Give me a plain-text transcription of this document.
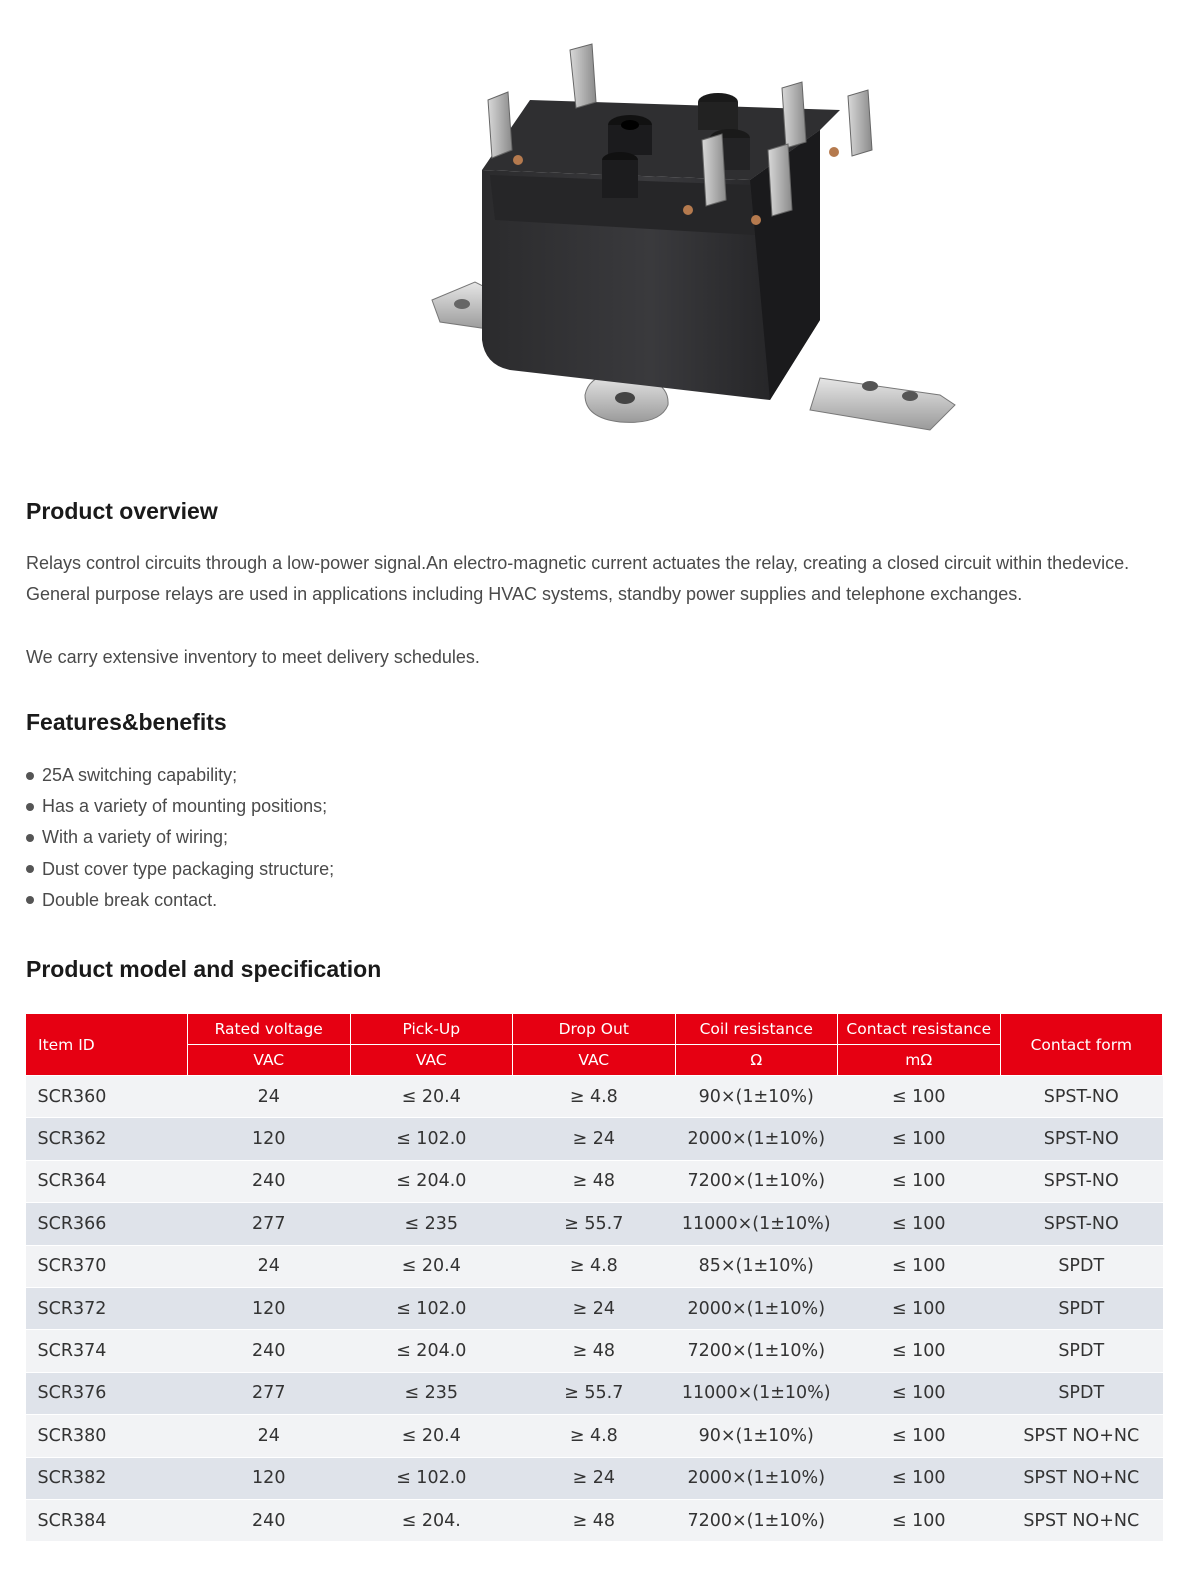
Product overview

Relays control circuits through a low-power signal.An electro-magnetic current actuates the relay, creating a closed circuit within thedevice. General purpose relays are used in applications including HVAC systems, standby power supplies and telephone exchanges.

We carry extensive inventory to meet delivery schedules.

Features&benefits
25A switching capability;
Has a variety of mounting positions;
With a variety of wiring;
Dust cover type packaging structure;
Double break contact.
Product model and specification
Item ID	Rated voltage	Pick-Up	Drop Out	Coil resistance	Contact resistance	Contact form
	VAC	VAC	VAC	Ω	mΩ	
SCR360	24	≤ 20.4	≥ 4.8	90×(1±10%)	≤ 100	SPST-NO
SCR362	120	≤ 102.0	≥ 24	2000×(1±10%)	≤ 100	SPST-NO
SCR364	240	≤ 204.0	≥ 48	7200×(1±10%)	≤ 100	SPST-NO
SCR366	277	≤ 235	≥ 55.7	11000×(1±10%)	≤ 100	SPST-NO
SCR370	24	≤ 20.4	≥ 4.8	85×(1±10%)	≤ 100	SPDT
SCR372	120	≤ 102.0	≥ 24	2000×(1±10%)	≤ 100	SPDT
SCR374	240	≤ 204.0	≥ 48	7200×(1±10%)	≤ 100	SPDT
SCR376	277	≤ 235	≥ 55.7	11000×(1±10%)	≤ 100	SPDT
SCR380	24	≤ 20.4	≥ 4.8	90×(1±10%)	≤ 100	SPST NO+NC
SCR382	120	≤ 102.0	≥ 24	2000×(1±10%)	≤ 100	SPST NO+NC
SCR384	240	≤ 204.	≥ 48	7200×(1±10%)	≤ 100	SPST NO+NC
